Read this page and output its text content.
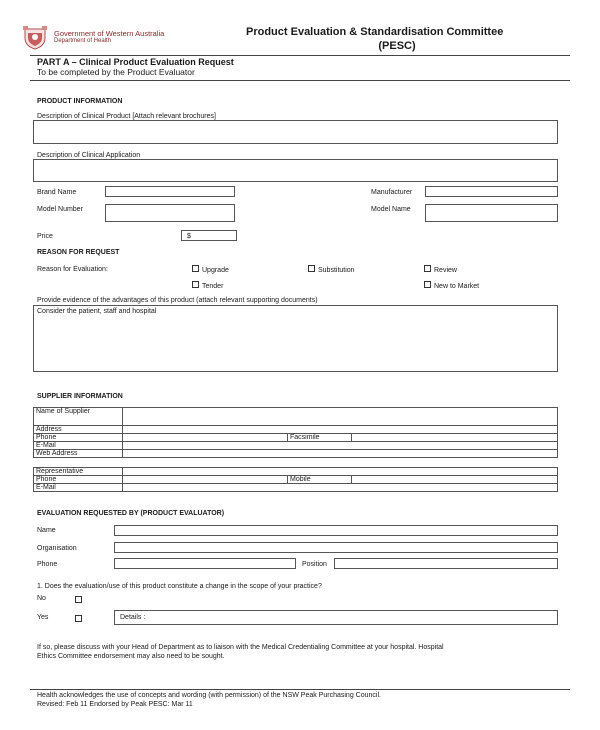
Government of Western Australia
Department of Health
Product Evaluation & Standardisation Committee
(PESC)
PART A – Clinical Product Evaluation Request
To be completed by the Product Evaluator
PRODUCT INFORMATION
Description of Clinical Product [Attach relevant brochures]
Description of Clinical Application
Brand Name	Manufacturer
Model Number	Model Name
Price	$
REASON FOR REQUEST
Reason for Evaluation:	Upgrade	Substitution	Review
Tender	New to Market
Provide evidence of the advantages of this product (attach relevant supporting documents)
Consider the patient, staff and hospital
SUPPLIER INFORMATION
Name of Supplier			
Address			
Phone		Facsimile	
E-Mail			
Web Address			
Representative			
Phone		Mobile	
E-Mail			
EVALUATION REQUESTED BY (PRODUCT EVALUATOR)
Name
Organisation
Phone	Position
1. Does the evaluation/use of this product constitute a change in the scope of your practice?
No
Yes	Details :
If so, please discuss with your Head of Department as to liaison with the Medical Credentialing Committee at your hospital. Hospital
Ethics Committee endorsement may also need to be sought.
Health acknowledges the use of concepts and wording (with permission) of the NSW Peak Purchasing Council.
Revised: Feb 11 Endorsed by Peak PESC: Mar 11
